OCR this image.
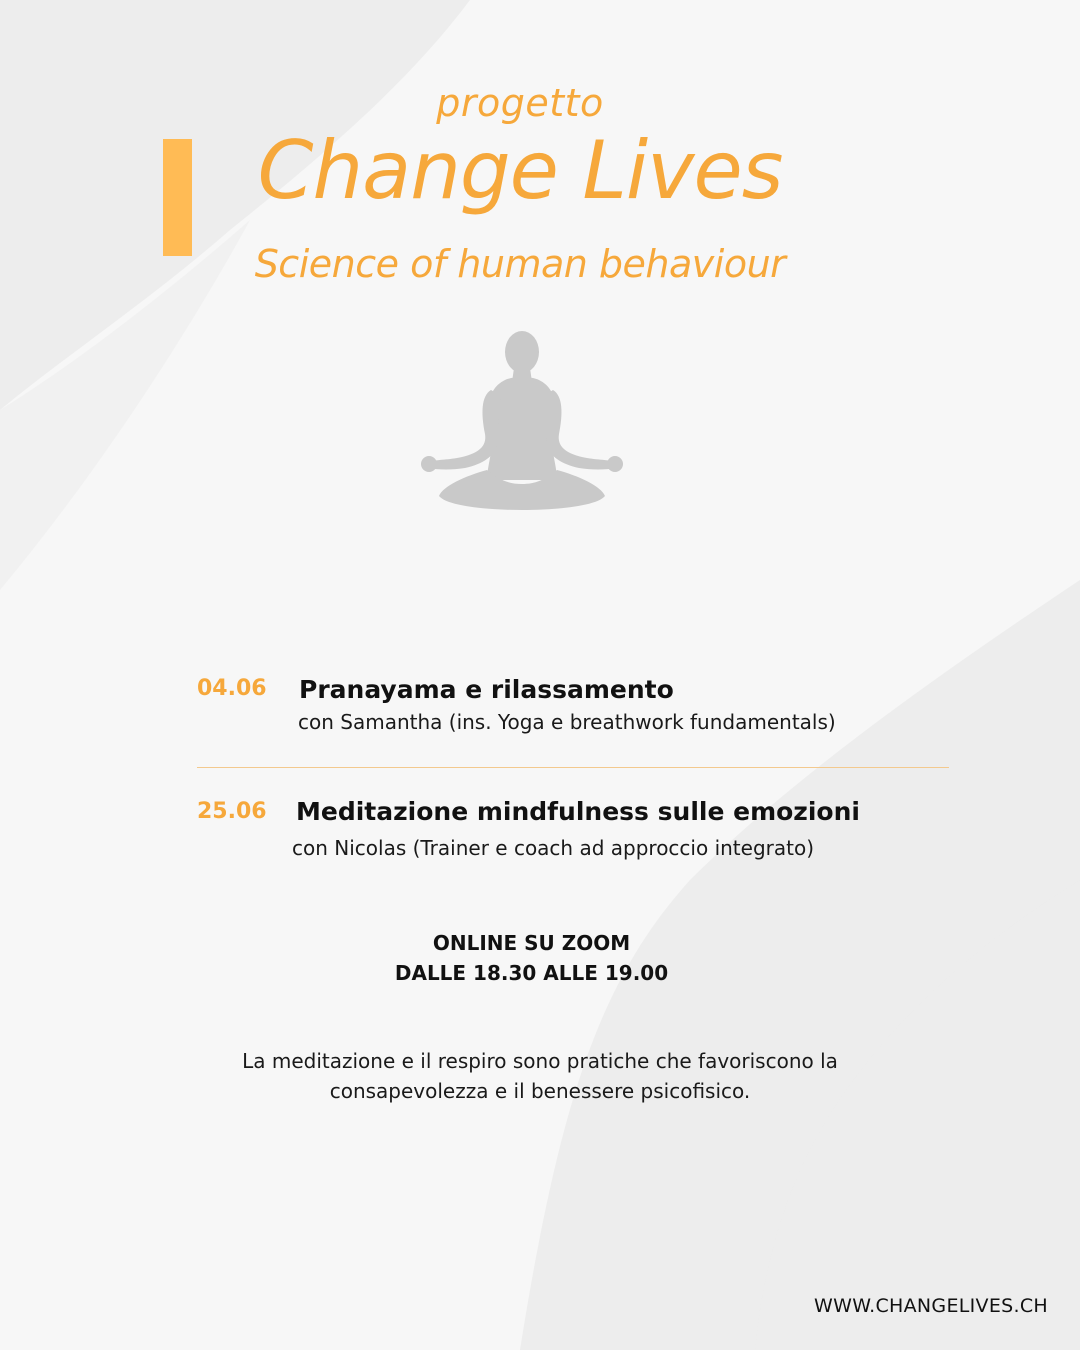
progetto
Change Lives
Science of human behaviour
04.06 Pranayama e rilassamento
con Samantha (ins. Yoga e breathwork fundamentals)
25.06 Meditazione mindfulness sulle emozioni
con Nicolas (Trainer e coach ad approccio integrato)
ONLINE SU ZOOM
DALLE 18.30 ALLE 19.00
La meditazione e il respiro sono pratiche che favoriscono la
consapevolezza e il benessere psicofisico.
WWW.CHANGELIVES.CH
